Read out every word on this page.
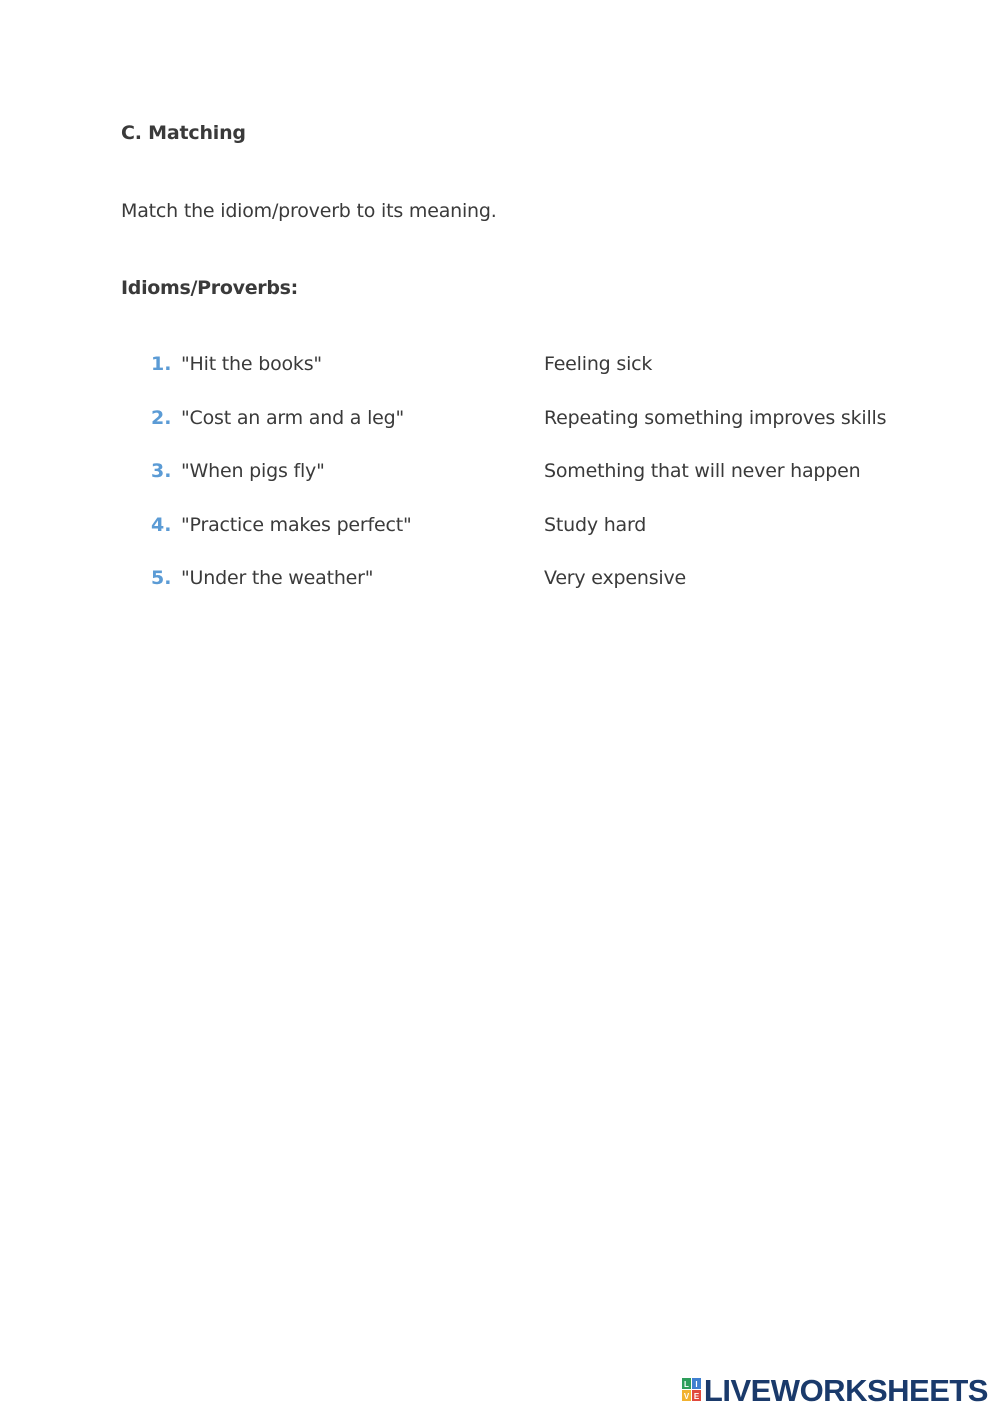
C. Matching
Match the idiom/proverb to its meaning.
Idioms/Proverbs:
1. "Hit the books"	Feeling sick
2. "Cost an arm and a leg"	Repeating something improves skills
3. "When pigs fly"	Something that will never happen
4. "Practice makes perfect"	Study hard
5. "Under the weather"	Very expensive
L I
V E LIVEWORKSHEETS
